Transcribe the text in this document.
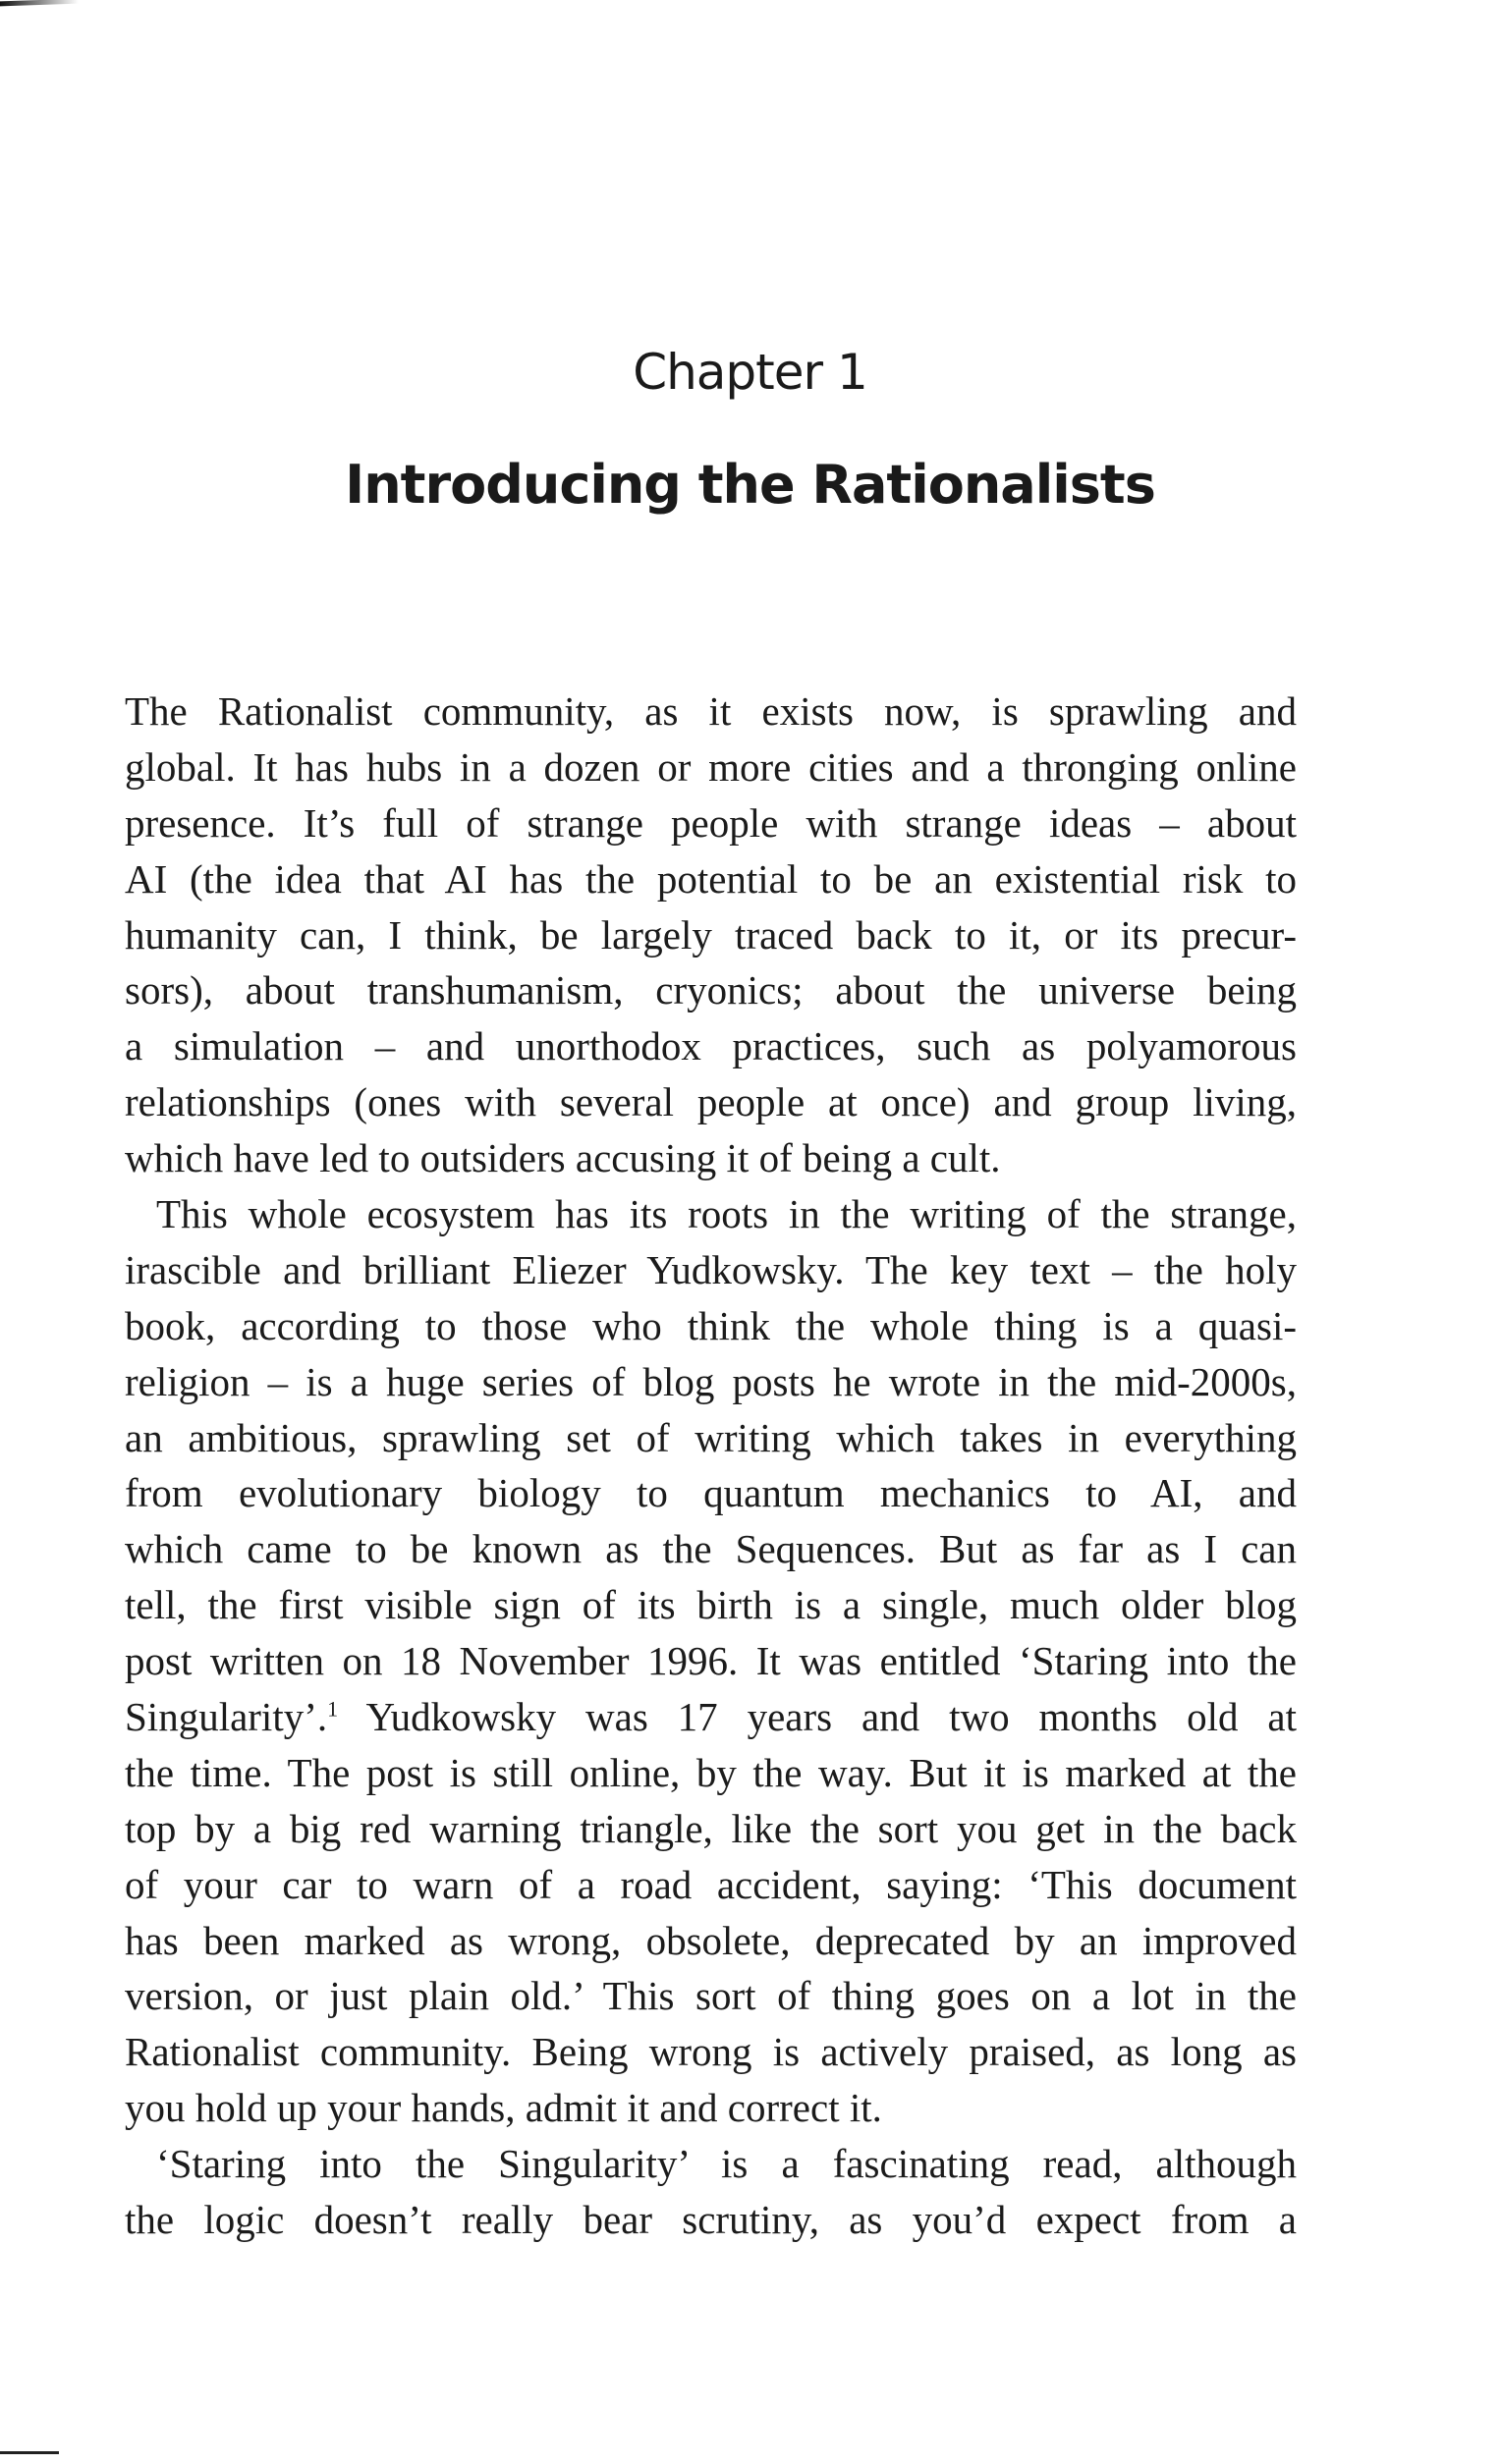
Chapter 1
Introducing the Rationalists
The Rationalist community, as it exists now, is sprawling and
global. It has hubs in a dozen or more cities and a thronging online
presence. It’s full of strange people with strange ideas – about
AI (the idea that AI has the potential to be an existential risk to
humanity can, I think, be largely traced back to it, or its precur-
sors), about transhumanism, cryonics; about the universe being
a simulation – and unorthodox practices, such as polyamorous
relationships (ones with several people at once) and group living,
which have led to outsiders accusing it of being a cult.
This whole ecosystem has its roots in the writing of the strange,
irascible and brilliant Eliezer Yudkowsky. The key text – the holy
book, according to those who think the whole thing is a quasi-
religion – is a huge series of blog posts he wrote in the mid-2000s,
an ambitious, sprawling set of writing which takes in everything
from evolutionary biology to quantum mechanics to AI, and
which came to be known as the Sequences. But as far as I can
tell, the first visible sign of its birth is a single, much older blog
post written on 18 November 1996. It was entitled ‘Staring into the
Singularity’.$^1$ Yudkowsky was 17 years and two months old at
the time. The post is still online, by the way. But it is marked at the
top by a big red warning triangle, like the sort you get in the back
of your car to warn of a road accident, saying: ‘This document
has been marked as wrong, obsolete, deprecated by an improved
version, or just plain old.’ This sort of thing goes on a lot in the
Rationalist community. Being wrong is actively praised, as long as
you hold up your hands, admit it and correct it.
‘Staring into the Singularity’ is a fascinating read, although
the logic doesn’t really bear scrutiny, as you’d expect from a
